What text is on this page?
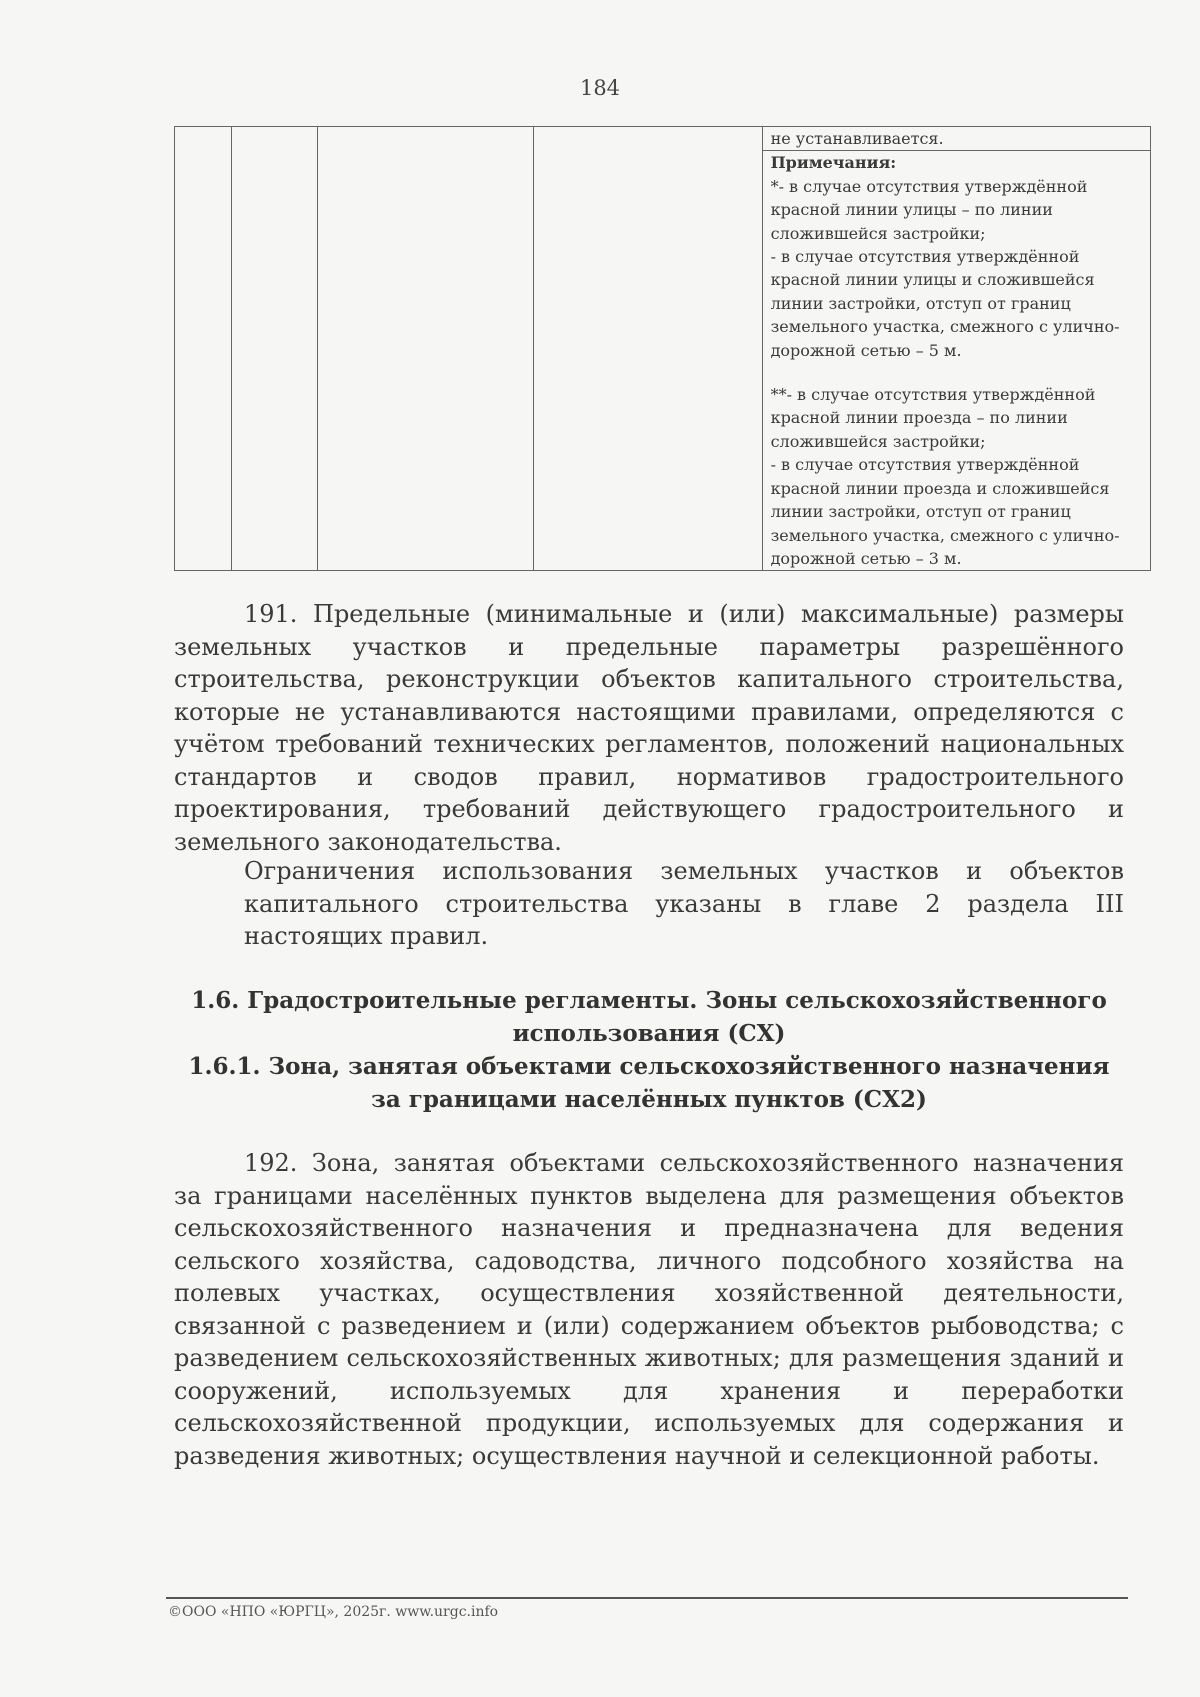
184

не устанавливается.

Примечания:
*- в случае отсутствия утверждённой
красной линии улицы – по линии
сложившейся застройки;
- в случае отсутствия утверждённой
красной линии улицы и сложившейся
линии застройки, отступ от границ
земельного участка, смежного с улично-
дорожной сетью – 5 м.
**- в случае отсутствия утверждённой
красной линии проезда – по линии
сложившейся застройки;
- в случае отсутствия утверждённой
красной линии проезда и сложившейся
линии застройки, отступ от границ
земельного участка, смежного с улично-
дорожной сетью – 3 м.

191. Предельные (минимальные и (или) максимальные) размеры земельных участков и предельные параметры разрешённого строительства, реконструкции объектов капитального строительства, которые не устанавливаются настоящими правилами, определяются с учётом требований технических регламентов, положений национальных стандартов и сводов правил, нормативов градостроительного проектирования, требований действующего градостроительного и земельного законодательства.

Ограничения использования земельных участков и объектов капитального строительства указаны в главе 2 раздела III настоящих правил.

1.6. Градостроительные регламенты. Зоны сельскохозяйственного использования (СХ)

1.6.1. Зона, занятая объектами сельскохозяйственного назначения за границами населённых пунктов (СХ2)

192. Зона, занятая объектами сельскохозяйственного назначения за границами населённых пунктов выделена для размещения объектов сельскохозяйственного назначения и предназначена для ведения сельского хозяйства, садоводства, личного подсобного хозяйства на полевых участках, осуществления хозяйственной деятельности, связанной с разведением и (или) содержанием объектов рыбоводства; с разведением сельскохозяйственных животных; для размещения зданий и сооружений, используемых для хранения и переработки сельскохозяйственной продукции, используемых для содержания и разведения животных; осуществления научной и селекционной работы.

©ООО «НПО «ЮРГЦ», 2025г. www.urgc.info
